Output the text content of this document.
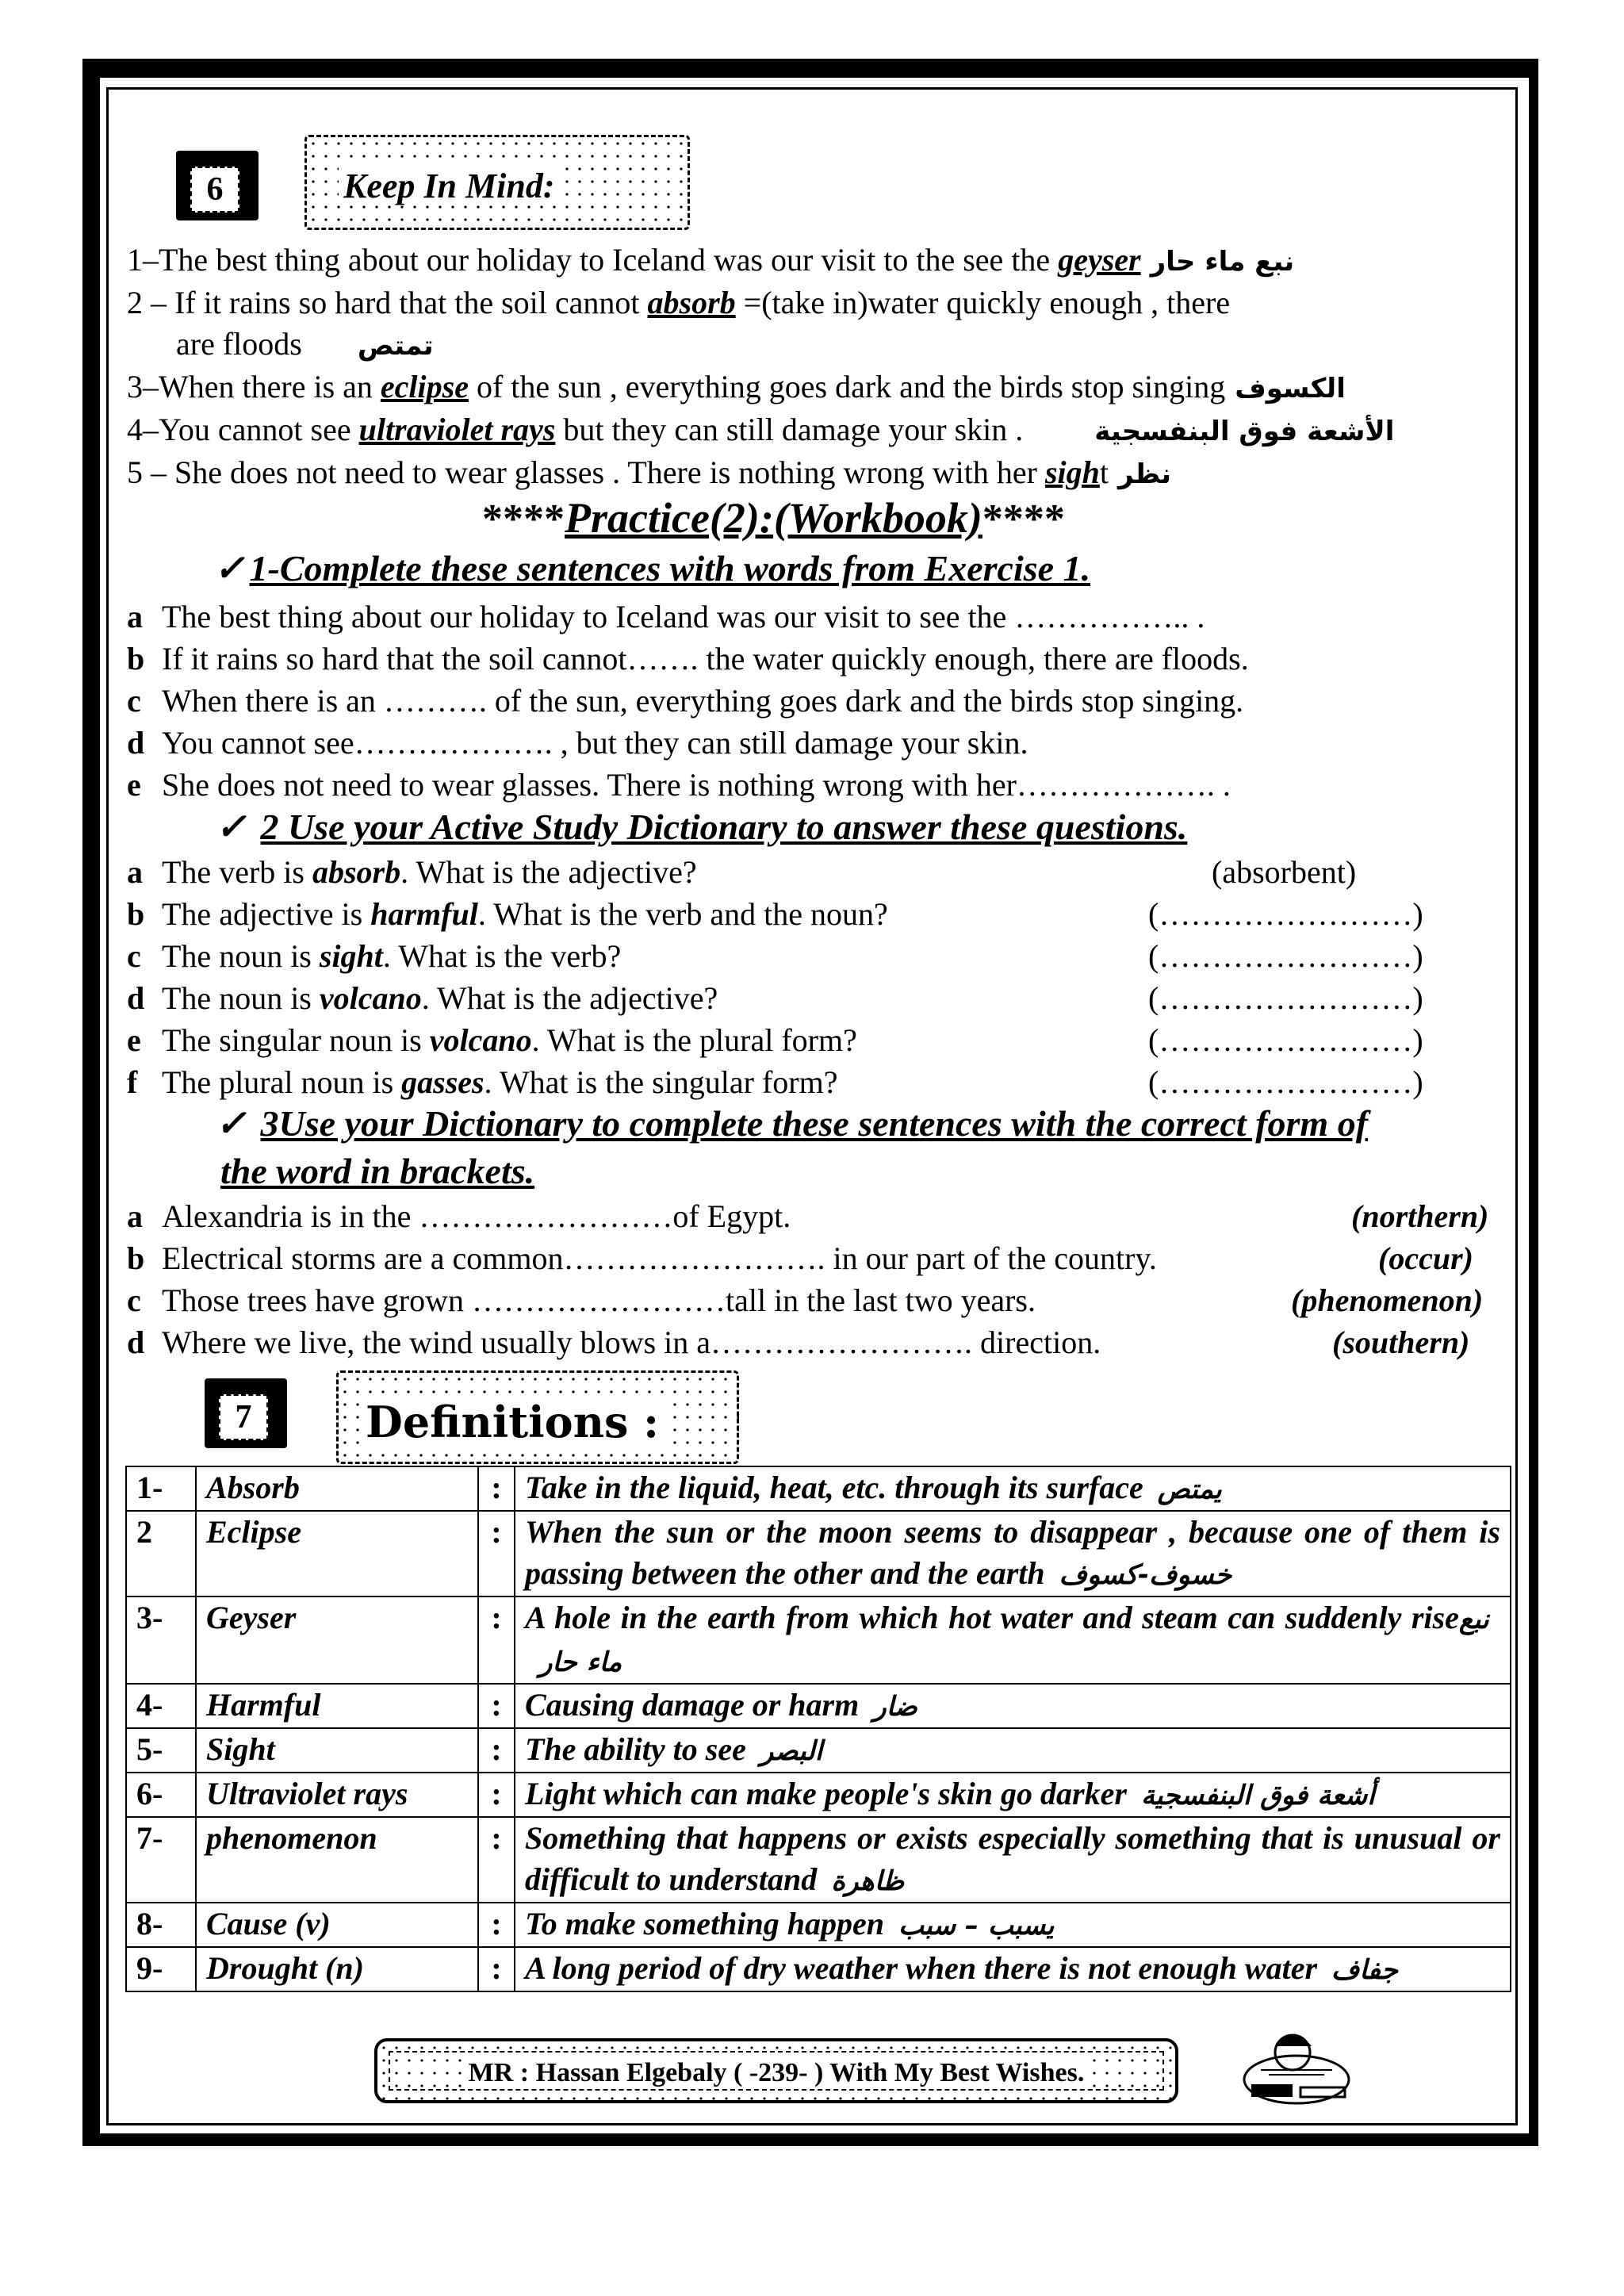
6	Keep In Mind:
1–The best thing about our holiday to Iceland was our visit to the see the geyser نبع ماء حار
2 – If it rains so hard that the soil cannot absorb =(take in)water quickly enough , there
are floods تمتص
3–When there is an eclipse of the sun , everything goes dark and the birds stop singing الكسوف
4–You cannot see ultraviolet rays but they can still damage your skin .	الأشعة فوق البنفسجية
5 – She does not need to wear glasses . There is nothing wrong with her sight نظر
****Practice(2):(Workbook)****
✓ 1-Complete these sentences with words from Exercise 1.
a The best thing about our holiday to Iceland was our visit to see the …………….. .
b If it rains so hard that the soil cannot……. the water quickly enough, there are floods.
c When there is an ………. of the sun, everything goes dark and the birds stop singing.
d You cannot see………………. , but they can still damage your skin.
e She does not need to wear glasses. There is nothing wrong with her………………. .
✓ 2 Use your Active Study Dictionary to answer these questions.
a The verb is absorb. What is the adjective?	(absorbent)
b The adjective is harmful. What is the verb and the noun?	(……………………)
c The noun is sight. What is the verb?	(……………………)
d The noun is volcano. What is the adjective?	(……………………)
e The singular noun is volcano. What is the plural form?	(……………………)
f The plural noun is gasses. What is the singular form?	(……………………)
✓ 3Use your Dictionary to complete these sentences with the correct form of
the word in brackets.
a Alexandria is in the ……………………of Egypt.	(northern)
b Electrical storms are a common……………………. in our part of the country.	(occur)
c Those trees have grown ……………………tall in the last two years.	(phenomenon)
d Where we live, the wind usually blows in a……………………. direction.	(southern)
7	Definitions :
1-	Absorb	:	Take in the liquid, heat, etc. through its surface يمتص
2	Eclipse	:	When the sun or the moon seems to disappear , because one of them is passing between the other and the earth خسوف-كسوف
3-	Geyser	:	A hole in the earth from which hot water and steam can suddenly rise نبع ماء حار
4-	Harmful	:	Causing damage or harm ضار
5-	Sight	:	The ability to see البصر
6-	Ultraviolet rays	:	Light which can make people's skin go darker أشعة فوق البنفسجية
7-	phenomenon	:	Something that happens or exists especially something that is unusual or difficult to understand ظاهرة
8-	Cause (v)	:	To make something happen يسبب – سبب
9-	Drought (n)	:	A long period of dry weather when there is not enough water جفاف
MR : Hassan Elgebaly ( -239- ) With My Best Wishes.
